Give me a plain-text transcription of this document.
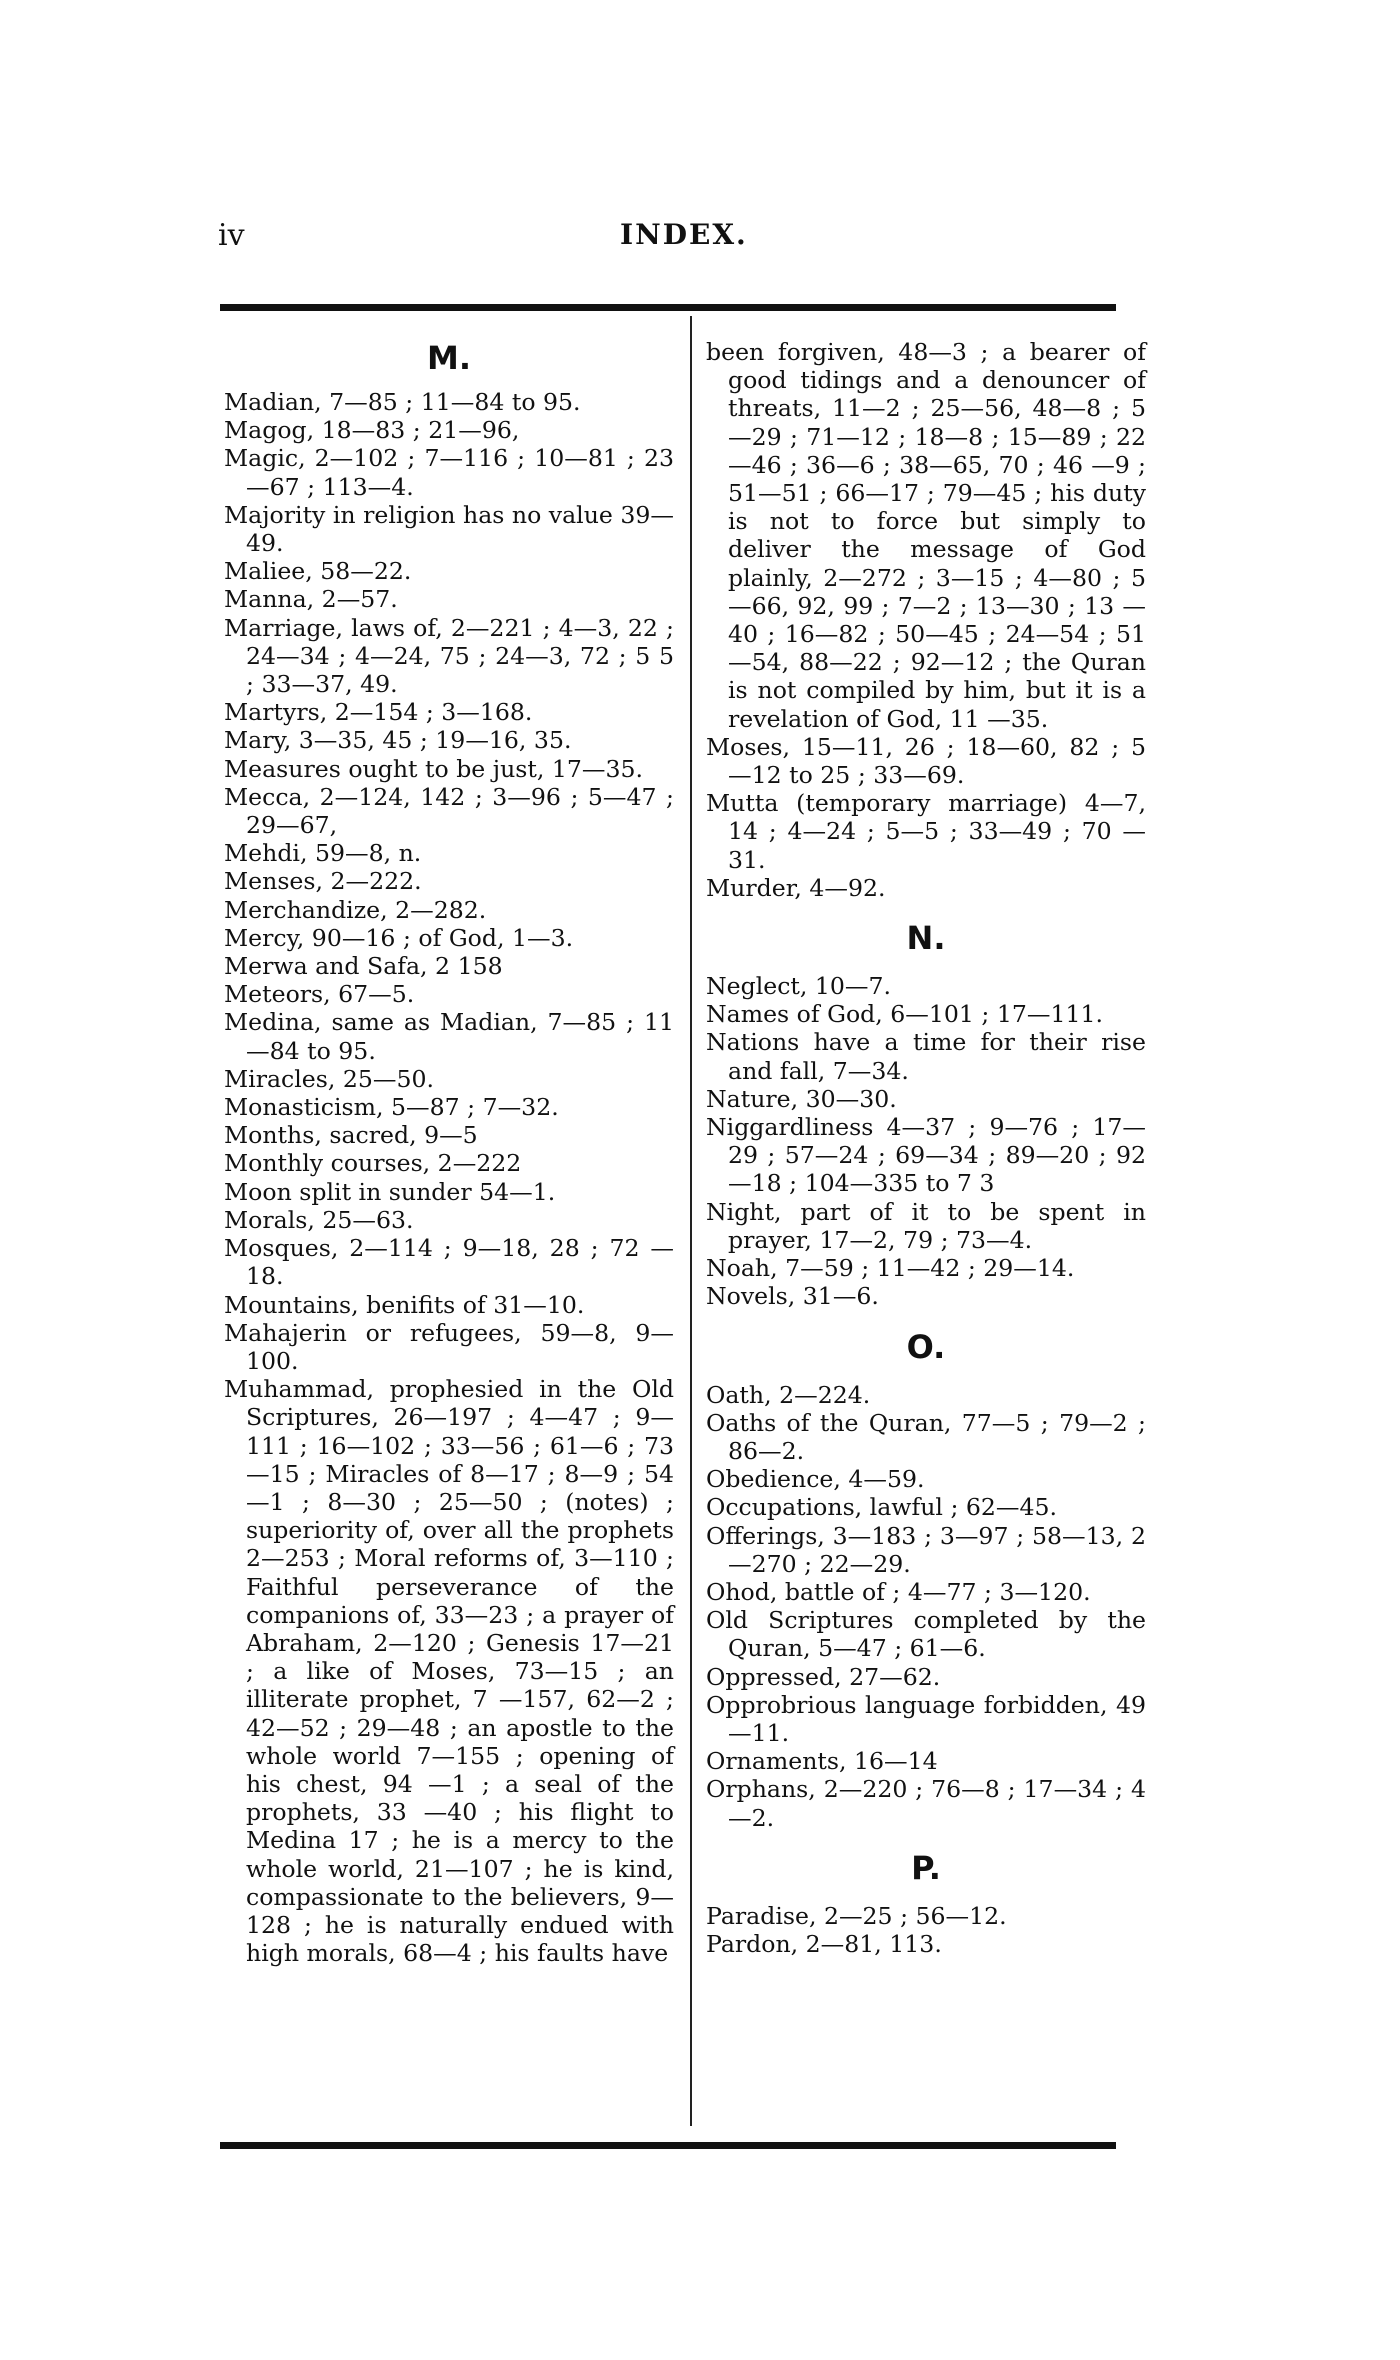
iv	INDEX.
M.
Madian, 7—85 ; 11—84 to 95.
Magog, 18—83 ; 21—96,
Magic, 2—102 ; 7—116 ; 10—81 ; 23—67 ; 113—4.
Majority in religion has no value 39—49.
Maliee, 58—22.
Manna, 2—57.
Marriage, laws of, 2—221 ; 4—3, 22 ; 24—34 ; 4—24, 75 ; 24—3, 72 ; 5 5 ; 33—37, 49.
Martyrs, 2—154 ; 3—168.
Mary, 3—35, 45 ; 19—16, 35.
Measures ought to be just, 17—35.
Mecca, 2—124, 142 ; 3—96 ; 5—47 ; 29—67,
Mehdi, 59—8, n.
Menses, 2—222.
Merchandize, 2—282.
Mercy, 90—16 ; of God, 1—3.
Merwa and Safa, 2 158
Meteors, 67—5.
Medina, same as Madian, 7—85 ; 11—84 to 95.
Miracles, 25—50.
Monasticism, 5—87 ; 7—32.
Months, sacred, 9—5
Monthly courses, 2—222
Moon split in sunder 54—1.
Morals, 25—63.
Mosques, 2—114 ; 9—18, 28 ; 72 —18.
Mountains, benifits of 31—10.
Mahajerin or refugees, 59—8, 9— 100.
Muhammad, prophesied in the Old Scriptures, 26—197 ; 4—47 ; 9— 111 ; 16—102 ; 33—56 ; 61—6 ; 73—15 ; Miracles of 8—17 ; 8—9 ; 54—1 ; 8—30 ; 25—50 ; (notes) ; superiority of, over all the prophets 2—253 ; Moral reforms of, 3—110 ; Faithful perseverance of the companions of, 33—23 ; a prayer of Abraham, 2—120 ; Genesis 17—21 ; a like of Moses, 73—15 ; an illiterate prophet, 7 —157, 62—2 ; 42—52 ; 29—48 ; an apostle to the whole world 7—155 ; opening of his chest, 94 —1 ; a seal of the prophets, 33 —40 ; his flight to Medina 17 ; he is a mercy to the whole world, 21—107 ; he is kind, compassionate to the believers, 9—128 ; he is naturally endued with high morals, 68—4 ; his faults have
been forgiven, 48—3 ; a bearer of good tidings and a denouncer of threats, 11—2 ; 25—56, 48—8 ; 5—29 ; 71—12 ; 18—8 ; 15—89 ; 22—46 ; 36—6 ; 38—65, 70 ; 46 —9 ; 51—51 ; 66—17 ; 79—45 ; his duty is not to force but simply to deliver the message of God plainly, 2—272 ; 3—15 ; 4—80 ; 5—66, 92, 99 ; 7—2 ; 13—30 ; 13 —40 ; 16—82 ; 50—45 ; 24—54 ; 51—54, 88—22 ; 92—12 ; the Quran is not compiled by him, but it is a revelation of God, 11 —35.
Moses, 15—11, 26 ; 18—60, 82 ; 5 —12 to 25 ; 33—69.
Mutta (temporary marriage) 4—7, 14 ; 4—24 ; 5—5 ; 33—49 ; 70 —31.
Murder, 4—92.
N.
Neglect, 10—7.
Names of God, 6—101 ; 17—111.
Nations have a time for their rise and fall, 7—34.
Nature, 30—30.
Niggardliness 4—37 ; 9—76 ; 17— 29 ; 57—24 ; 69—34 ; 89—20 ; 92—18 ; 104—335 to 7 3
Night, part of it to be spent in prayer, 17—2, 79 ; 73—4.
Noah, 7—59 ; 11—42 ; 29—14.
Novels, 31—6.
O.
Oath, 2—224.
Oaths of the Quran, 77—5 ; 79—2 ; 86—2.
Obedience, 4—59.
Occupations, lawful ; 62—45.
Offerings, 3—183 ; 3—97 ; 58—13, 2—270 ; 22—29.
Ohod, battle of ; 4—77 ; 3—120.
Old Scriptures completed by the Quran, 5—47 ; 61—6.
Oppressed, 27—62.
Opprobrious language forbidden, 49—11.
Ornaments, 16—14
Orphans, 2—220 ; 76—8 ; 17—34 ; 4—2.
P.
Paradise, 2—25 ; 56—12.
Pardon, 2—81, 113.
